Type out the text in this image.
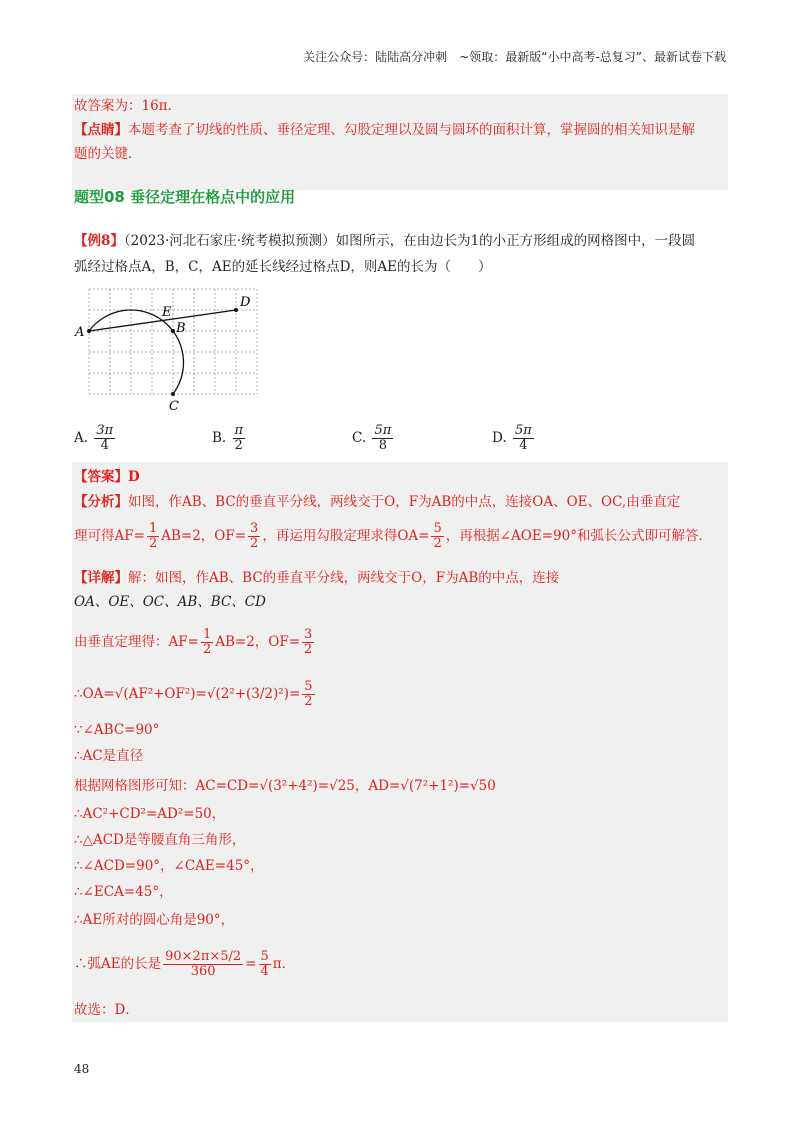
关注公众号：陆陆高分冲刺　~领取：最新版“小中高考-总复习”、最新试卷下载
故答案为：16π．
【点睛】本题考查了切线的性质、垂径定理、勾股定理以及圆与圆环的面积计算，掌握圆的相关知识是解
题的关键．
题型08 垂径定理在格点中的应用
【例8】（2023·河北石家庄·统考模拟预测）如图所示，在由边长为1的小正方形组成的网格图中，一段圆
弧经过格点A，B，C，AE的延长线经过格点D，则AE的长为（　　）
A	B
C
D
E
A. $\frac{3\pi}{4}$	B. $\frac{\pi}{2}$	C. $\frac{5\pi}{8}$	D. $\frac{5\pi}{4}$
【答案】D
【分析】如图，作AB、BC的垂直平分线，两线交于O，F为AB的中点，连接OA、OE、OC,由垂直定
理可得$AF= \frac{1}{2} AB=2$，$OF= \frac{3}{2}$ ，再运用勾股定理求得$OA= \frac{5}{2}$ ，再根据∠AOE=90°和弧长公式即可解答．
【详解】解：如图，作AB、BC的垂直平分线，两线交于O，F为AB的中点，连接
OA、OE、OC、AB、BC、CD
由垂直定理得：$AF= \frac{1}{2} AB=2$，$OF= \frac{3}{2}$
∴OA=√(AF²+OF²)=√(2²+(3/2)²)= $\frac{5}{2}$
∵∠ABC=90°
∴AC是直径
根据网格图形可知：AC=CD=√(3²+4²)=√25，AD=√(7²+1²)=√50
∴AC²+CD²=AD²=50，
∴△ACD是等腰直角三角形，
∴∠ACD=90°，∠CAE=45°，
∴∠ECA=45°，
∴AE所对的圆心角是90°，
∴弧AE的长是 $\frac{90\times 2\pi\times 5/2}{360} = \frac{5}{4}$ π．
故选：D．
48
